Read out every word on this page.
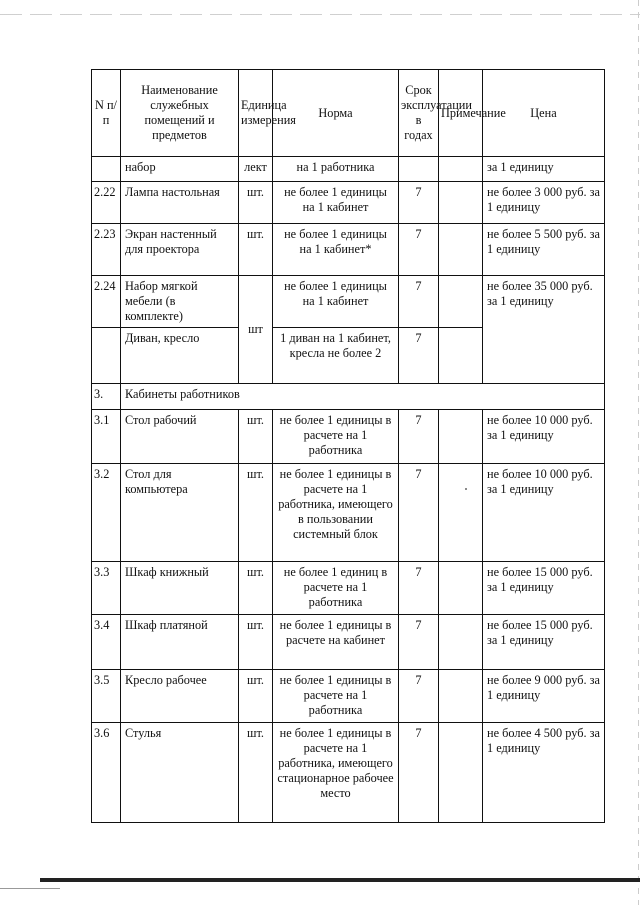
N п/п	Наименование служебных помещений и предметов	Единица измерения	Норма	Срок эксплуатации в годах	Примечание	Цена
	набор	лект	на 1 работника			за 1 единицу
2.22	Лампа настольная	шт.	не более 1 единицы на 1 кабинет	7		не более 3 000 руб. за 1 единицу
2.23	Экран настенный для проектора	шт.	не более 1 единицы на 1 кабинет*	7		не более 5 500 руб. за 1 единицу
2.24	Набор мягкой мебели (в комплекте)	шт	не более 1 единицы на 1 кабинет	7		не более 35 000 руб. за 1 единицу
	Диван, кресло		1 диван на 1 кабинет, кресла не более 2	7		
3.	Кабинеты работников					
3.1	Стол рабочий	шт.	не более 1 единицы в расчете на 1 работника	7		не более 10 000 руб. за 1 единицу
3.2	Стол для компьютера	шт.	не более 1 единицы в расчете на 1 работника, имеющего в пользовании системный блок	7		не более 10 000 руб. за 1 единицу
3.3	Шкаф книжный	шт.	не более 1 единиц в расчете на 1 работника	7		не более 15 000 руб. за 1 единицу
3.4	Шкаф платяной	шт.	не более 1 единицы в расчете на кабинет	7		не более 15 000 руб. за 1 единицу
3.5	Кресло рабочее	шт.	не более 1 единицы в расчете на 1 работника	7		не более 9 000 руб. за 1 единицу
3.6	Стулья	шт.	не более 1 единицы в расчете на 1 работника, имеющего стационарное рабочее место	7		не более 4 500 руб. за 1 единицу
